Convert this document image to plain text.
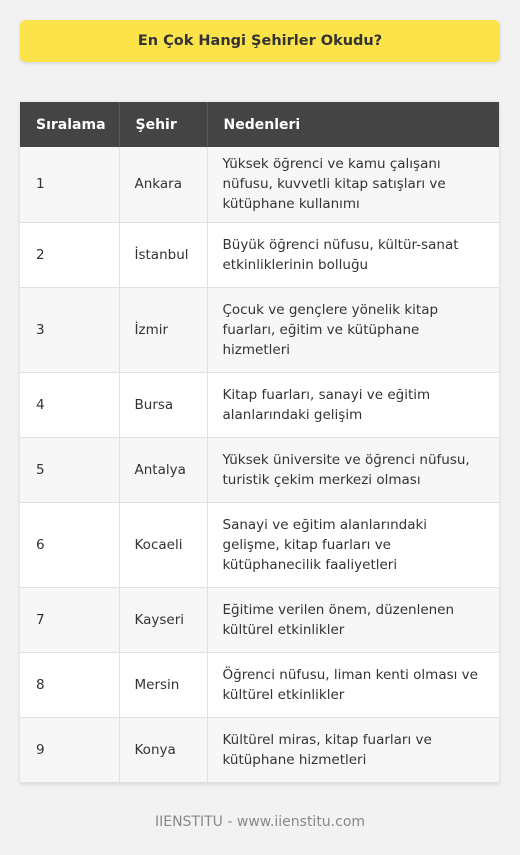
En Çok Hangi Şehirler Okudu?
Sıralama	Şehir	Nedenleri
1	Ankara	Yüksek öğrenci ve kamu çalışanı nüfusu, kuvvetli kitap satışları ve kütüphane kullanımı
2	İstanbul	Büyük öğrenci nüfusu, kültür-sanat etkinliklerinin bolluğu
3	İzmir	Çocuk ve gençlere yönelik kitap fuarları, eğitim ve kütüphane hizmetleri
4	Bursa	Kitap fuarları, sanayi ve eğitim alanlarındaki gelişim
5	Antalya	Yüksek üniversite ve öğrenci nüfusu, turistik çekim merkezi olması
6	Kocaeli	Sanayi ve eğitim alanlarındaki gelişme, kitap fuarları ve kütüphanecilik faaliyetleri
7	Kayseri	Eğitime verilen önem, düzenlenen kültürel etkinlikler
8	Mersin	Öğrenci nüfusu, liman kenti olması ve kültürel etkinlikler
9	Konya	Kültürel miras, kitap fuarları ve kütüphane hizmetleri
IIENSTITU - www.iienstitu.com
